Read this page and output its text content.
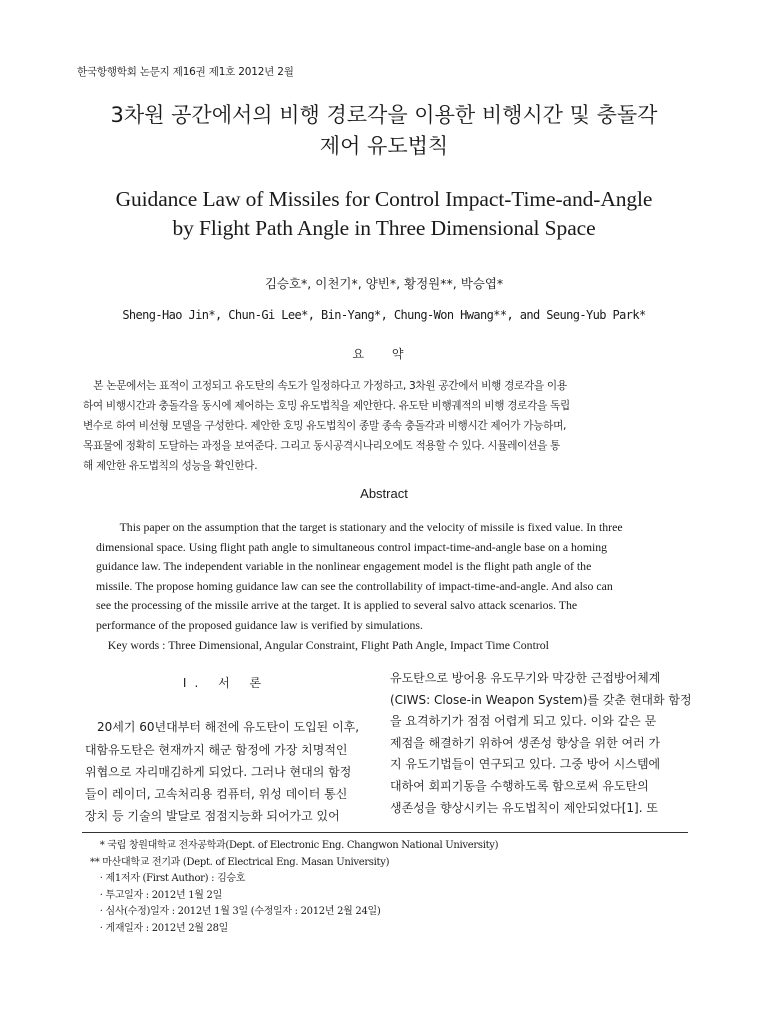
한국항행학회 논문지 제16권 제1호 2012년 2월
3차원 공간에서의 비행 경로각을 이용한 비행시간 및 충돌각
제어 유도법칙
Guidance Law of Missiles for Control Impact-Time-and-Angle
by Flight Path Angle in Three Dimensional Space
김승호*, 이천기*, 양빈*, 황정원**, 박승엽*
Sheng-Hao Jin*, Chun-Gi Lee*, Bin-Yang*, Chung-Won Hwang**, and Seung-Yub Park*
요 약
　본 논문에서는 표적이 고정되고 유도탄의 속도가 일정하다고 가정하고, 3차원 공간에서 비행 경로각을 이용
하여 비행시간과 충돌각을 동시에 제어하는 호밍 유도법칙을 제안한다. 유도탄 비행궤적의 비행 경로각을 독립
변수로 하여 비선형 모델을 구성한다. 제안한 호밍 유도법칙이 종말 종속 충돌각과 비행시간 제어가 가능하며,
목표물에 정확히 도달하는 과정을 보여준다. 그리고 동시공격시나리오에도 적용할 수 있다. 시뮬레이션을 통
해 제안한 유도법칙의 성능을 확인한다.
Abstract
　　This paper on the assumption that the target is stationary and the velocity of missile is fixed value. In three
dimensional space. Using flight path angle to simultaneous control impact-time-and-angle base on a homing
guidance law. The independent variable in the nonlinear engagement model is the flight path angle of the
missile. The propose homing guidance law can see the controllability of impact-time-and-angle. And also can
see the processing of the missile arrive at the target. It is applied to several salvo attack scenarios. The
performance of the proposed guidance law is verified by simulations.
　Key words : Three Dimensional, Angular Constraint, Flight Path Angle, Impact Time Control
Ⅰ. 서 론
　20세기 60년대부터 해전에 유도탄이 도입된 이후,
대함유도탄은 현재까지 해군 함정에 가장 치명적인
위협으로 자리매김하게 되었다. 그러나 현대의 함정
들이 레이더, 고속처리용 컴퓨터, 위성 데이터 통신
장치 등 기술의 발달로 점점지능화 되어가고 있어
유도탄으로 방어용 유도무기와 막강한 근접방어체계
(CIWS: Close-in Weapon System)를 갖춘 현대화 함정
을 요격하기가 점점 어렵게 되고 있다. 이와 같은 문
제점을 해결하기 위하여 생존성 향상을 위한 여러 가
지 유도기법들이 연구되고 있다. 그중 방어 시스템에
대하여 회피기동을 수행하도록 함으로써 유도탄의
생존성을 향상시키는 유도법칙이 제안되었다[1]. 또
　* 국립 창원대학교 전자공학과(Dept. of Electronic Eng. Changwon National University)
** 마산대학교 전기과 (Dept. of Electrical Eng. Masan University)
　· 제1저자 (First Author) : 김승호
　· 투고일자 : 2012년 1월 2일
　· 심사(수정)일자 : 2012년 1월 3일 (수정일자 : 2012년 2월 24일)
　· 게재일자 : 2012년 2월 28일
